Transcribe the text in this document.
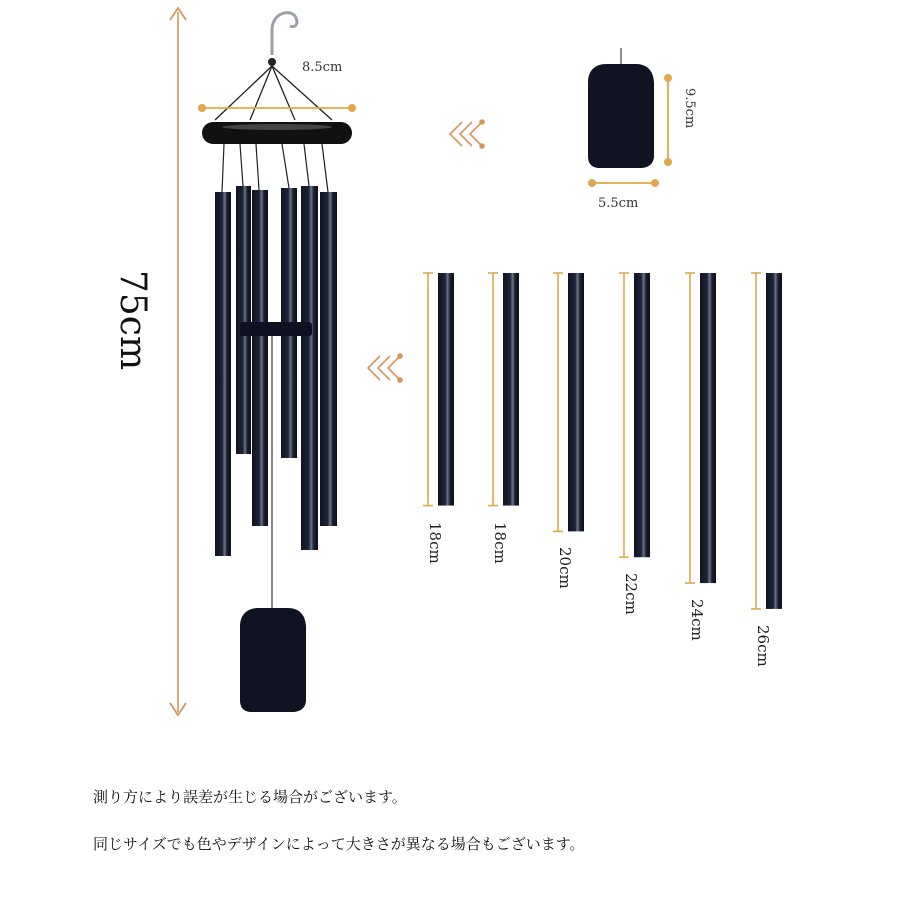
75cm
8.5cm
9.5cm
5.5cm
18cm	18cm
20cm
22cm
24cm
26cm
測り方により誤差が生じる場合がございます。
同じサイズでも色やデザインによって大きさが異なる場合もございます。
